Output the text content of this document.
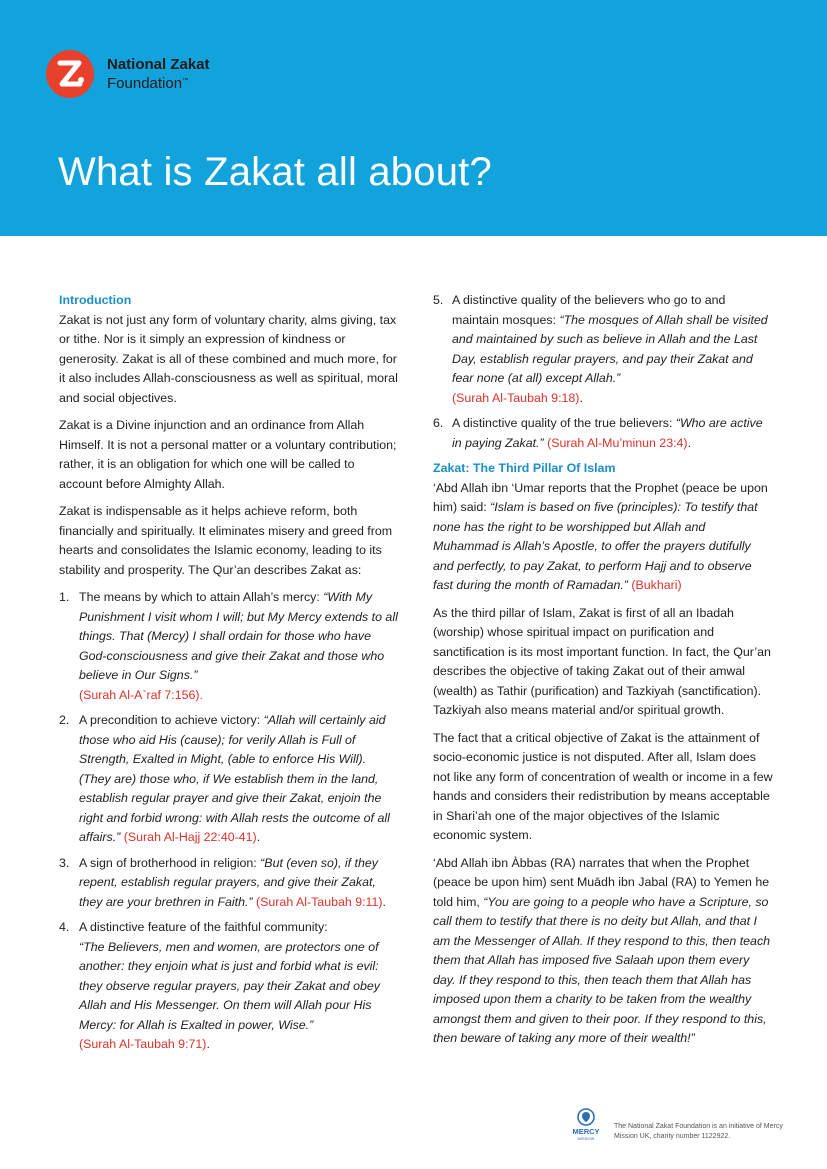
National Zakat
Foundation™
What is Zakat all about?

Introduction

Zakat is not just any form of voluntary charity, alms giving, tax or tithe. Nor is it simply an expression of kindness or generosity. Zakat is all of these combined and much more, for it also includes Allah-consciousness as well as spiritual, moral and social objectives.

Zakat is a Divine injunction and an ordinance from Allah Himself. It is not a personal matter or a voluntary contribution; rather, it is an obligation for which one will be called to account before Almighty Allah.

Zakat is indispensable as it helps achieve reform, both financially and spiritually. It eliminates misery and greed from hearts and consolidates the Islamic economy, leading to its stability and prosperity. The Qur’an describes Zakat as:

1. The means by which to attain Allah’s mercy: “With My Punishment I visit whom I will; but My Mercy extends to all things. That (Mercy) I shall ordain for those who have God-consciousness and give their Zakat and those who believe in Our Signs.”
(Surah Al-A`raf 7:156).
2. A precondition to achieve victory: “Allah will certainly aid those who aid His (cause); for verily Allah is Full of Strength, Exalted in Might, (able to enforce His Will). (They are) those who, if We establish them in the land, establish regular prayer and give their Zakat, enjoin the right and forbid wrong: with Allah rests the outcome of all affairs.” (Surah Al-Hajj 22:40-41).
3. A sign of brotherhood in religion: “But (even so), if they repent, establish regular prayers, and give their Zakat, they are your brethren in Faith.” (Surah Al-Taubah 9:11).
4. A distinctive feature of the faithful community:
“The Believers, men and women, are protectors one of another: they enjoin what is just and forbid what is evil: they observe regular prayers, pay their Zakat and obey Allah and His Messenger. On them will Allah pour His Mercy: for Allah is Exalted in power, Wise.”
(Surah Al-Taubah 9:71).
5. A distinctive quality of the believers who go to and maintain mosques: “The mosques of Allah shall be visited and maintained by such as believe in Allah and the Last Day, establish regular prayers, and pay their Zakat and fear none (at all) except Allah.”
(Surah Al-Taubah 9:18).
6. A distinctive quality of the true believers: “Who are active in paying Zakat.” (Surah Al-Mu’minun 23:4).

Zakat: The Third Pillar Of Islam

‘Abd Allah ibn ‘Umar reports that the Prophet (peace be upon him) said: “Islam is based on five (principles): To testify that none has the right to be worshipped but Allah and Muhammad is Allah’s Apostle, to offer the prayers dutifully and perfectly, to pay Zakat, to perform Hajj and to observe fast during the month of Ramadan.” (Bukhari)

As the third pillar of Islam, Zakat is first of all an Ibadah (worship) whose spiritual impact on purification and sanctification is its most important function. In fact, the Qur’an describes the objective of taking Zakat out of their amwal (wealth) as Tathir (purification) and Tazkiyah (sanctification). Tazkiyah also means material and/or spiritual growth.

The fact that a critical objective of Zakat is the attainment of socio-economic justice is not disputed. After all, Islam does not like any form of concentration of wealth or income in a few hands and considers their redistribution by means acceptable in Shari’ah one of the major objectives of the Islamic economic system.

‘Abd Allah ibn Àbbas (RA) narrates that when the Prophet (peace be upon him) sent Muādh ibn Jabal (RA) to Yemen he told him, “You are going to a people who have a Scripture, so call them to testify that there is no deity but Allah, and that I am the Messenger of Allah. If they respond to this, then teach them that Allah has imposed five Salaah upon them every day. If they respond to this, then teach them that Allah has imposed upon them a charity to be taken from the wealthy amongst them and given to their poor. If they respond to this, then beware of taking any more of their wealth!”

MERCY
MISSION
The National Zakat Foundation is an initiative of Mercy Mission UK, charity number 1122922.
